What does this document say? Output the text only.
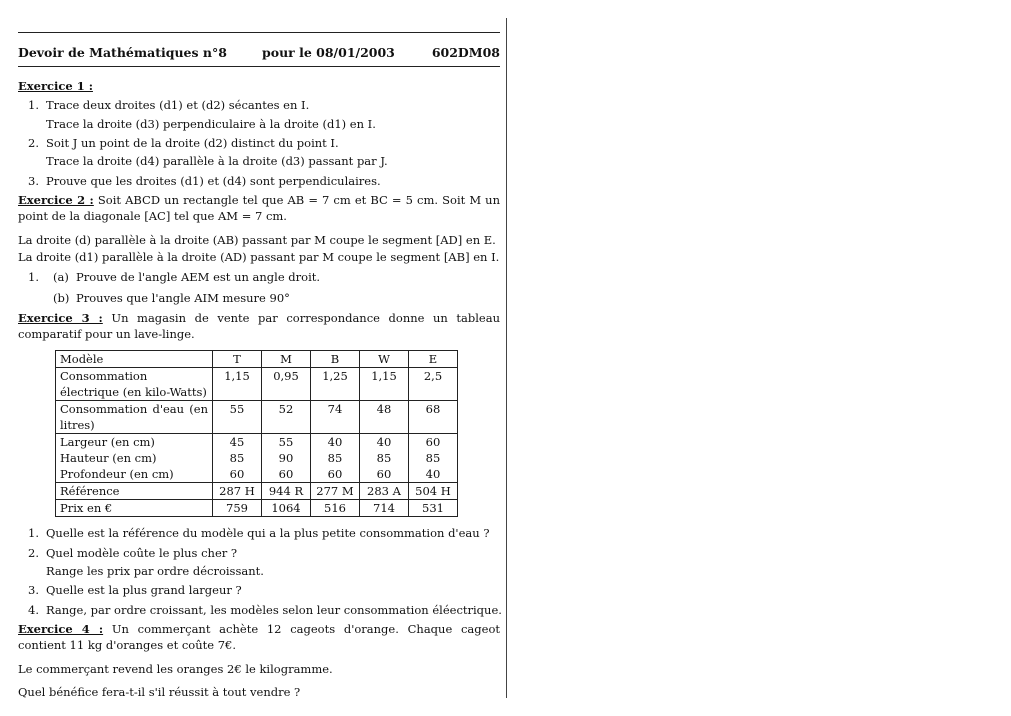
Devoir de Mathématiques n°8	pour le 08/01/2003	602DM08
Exercice 1 :
1. Trace deux droites (d1) et (d2) sécantes en I.
Trace la droite (d3) perpendiculaire à la droite (d1) en I.
2. Soit J un point de la droite (d2) distinct du point I.
Trace la droite (d4) parallèle à la droite (d3) passant par J.
3. Prouve que les droites (d1) et (d4) sont perpendiculaires.
Exercice 2 : Soit ABCD un rectangle tel que AB = 7 cm et BC = 5 cm. Soit M un point de la diagonale [AC] tel que AM = 7 cm.
La droite (d) parallèle à la droite (AB) passant par M coupe le segment [AD] en E.
La droite (d1) parallèle à la droite (AD) passant par M coupe le segment [AB] en I.
1. (a) Prouve de l'angle AEM est un angle droit.
(b) Prouves que l'angle AIM mesure 90°
Exercice 3 : Un magasin de vente par correspondance donne un tableau comparatif pour un lave-linge.
Modèle	T	M	B	W	E
Consommation électrique (en kilo-Watts)	1,15	0,95	1,25	1,15	2,5
Consommation d'eau (en litres)	55	52	74	48	68
Largeur (en cm)	45	55	40	40	60
Hauteur (en cm)	85	90	85	85	85
Profondeur (en cm)	60	60	60	60	40
Référence	287 H	944 R	277 M	283 A	504 H
Prix en €	759	1064	516	714	531
1. Quelle est la référence du modèle qui a la plus petite consommation d'eau ?
2. Quel modèle coûte le plus cher ?
Range les prix par ordre décroissant.
3. Quelle est la plus grand largeur ?
4. Range, par ordre croissant, les modèles selon leur consommation éléectrique.
Exercice 4 : Un commerçant achète 12 cageots d'orange. Chaque cageot contient 11 kg d'oranges et coûte 7€.
Le commerçant revend les oranges 2€ le kilogramme.
Quel bénéfice fera-t-il s'il réussit à tout vendre ?
